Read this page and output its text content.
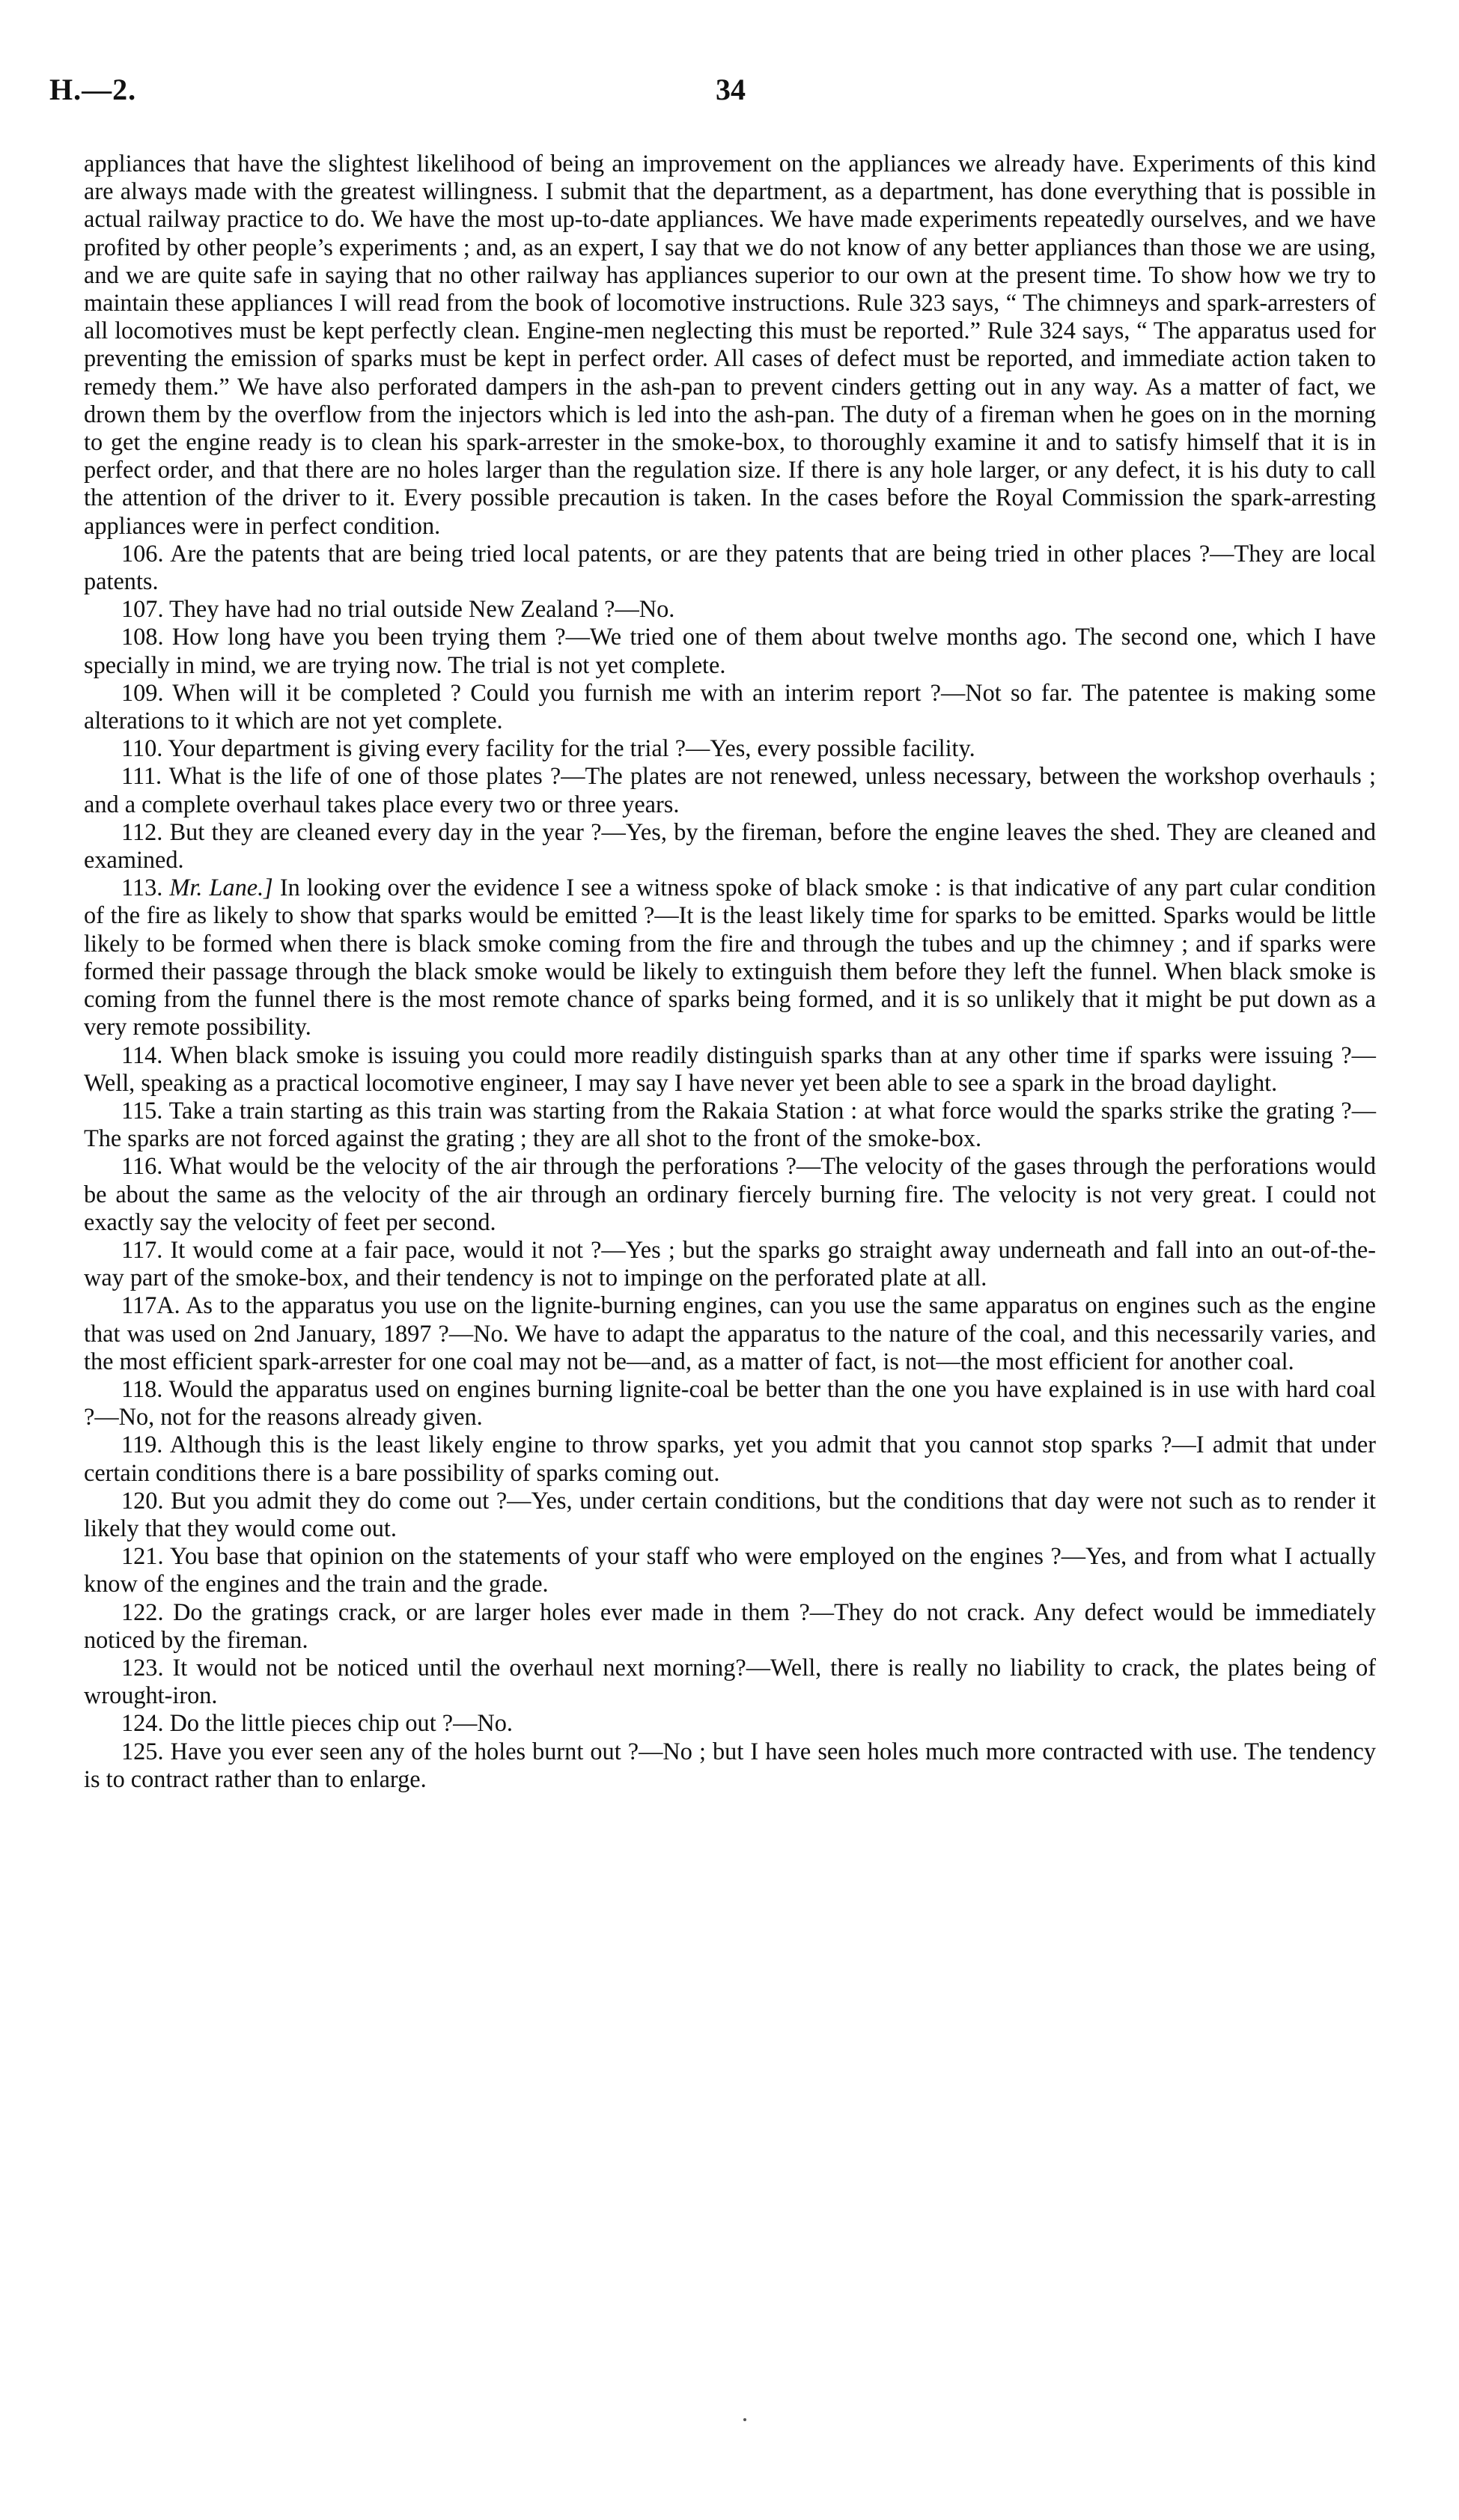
H.—2.	34

appliances that have the slightest likelihood of being an improvement on the appliances we already have. Experiments of this kind are always made with the greatest willingness. I submit that the department, as a department, has done everything that is possible in actual railway practice to do. We have the most up-to-date appliances. We have made experiments repeatedly ourselves, and we have profited by other people’s experiments ; and, as an expert, I say that we do not know of any better appliances than those we are using, and we are quite safe in saying that no other railway has appliances superior to our own at the present time. To show how we try to maintain these appliances I will read from the book of locomotive instructions. Rule 323 says, “ The chimneys and spark-arresters of all locomotives must be kept perfectly clean. Engine-men neglecting this must be reported.” Rule 324 says, “ The apparatus used for preventing the emission of sparks must be kept in perfect order. All cases of defect must be reported, and immediate action taken to remedy them.” We have also perforated dampers in the ash-pan to prevent cinders getting out in any way. As a matter of fact, we drown them by the overflow from the injectors which is led into the ash-pan. The duty of a fireman when he goes on in the morning to get the engine ready is to clean his spark-arrester in the smoke-box, to thoroughly examine it and to satisfy himself that it is in perfect order, and that there are no holes larger than the regulation size. If there is any hole larger, or any defect, it is his duty to call the attention of the driver to it. Every possible precaution is taken. In the cases before the Royal Commission the spark-arresting appliances were in perfect condition.

106. Are the patents that are being tried local patents, or are they patents that are being tried in other places ?—They are local patents.

107. They have had no trial outside New Zealand ?—No.

108. How long have you been trying them ?—We tried one of them about twelve months ago. The second one, which I have specially in mind, we are trying now. The trial is not yet complete.

109. When will it be completed ? Could you furnish me with an interim report ?—Not so far. The patentee is making some alterations to it which are not yet complete.

110. Your department is giving every facility for the trial ?—Yes, every possible facility.

111. What is the life of one of those plates ?—The plates are not renewed, unless necessary, between the workshop overhauls ; and a complete overhaul takes place every two or three years.

112. But they are cleaned every day in the year ?—Yes, by the fireman, before the engine leaves the shed. They are cleaned and examined.

113. Mr. Lane.] In looking over the evidence I see a witness spoke of black smoke : is that indicative of any part cular condition of the fire as likely to show that sparks would be emitted ?—It is the least likely time for sparks to be emitted. Sparks would be little likely to be formed when there is black smoke coming from the fire and through the tubes and up the chimney ; and if sparks were formed their passage through the black smoke would be likely to extinguish them before they left the funnel. When black smoke is coming from the funnel there is the most remote chance of sparks being formed, and it is so unlikely that it might be put down as a very remote possibility.

114. When black smoke is issuing you could more readily distinguish sparks than at any other time if sparks were issuing ?—Well, speaking as a practical locomotive engineer, I may say I have never yet been able to see a spark in the broad daylight.

115. Take a train starting as this train was starting from the Rakaia Station : at what force would the sparks strike the grating ?—The sparks are not forced against the grating ; they are all shot to the front of the smoke-box.

116. What would be the velocity of the air through the perforations ?—The velocity of the gases through the perforations would be about the same as the velocity of the air through an ordinary fiercely burning fire. The velocity is not very great. I could not exactly say the velocity of feet per second.

117. It would come at a fair pace, would it not ?—Yes ; but the sparks go straight away underneath and fall into an out-of-the-way part of the smoke-box, and their tendency is not to impinge on the perforated plate at all.

117A. As to the apparatus you use on the lignite-burning engines, can you use the same apparatus on engines such as the engine that was used on 2nd January, 1897 ?—No. We have to adapt the apparatus to the nature of the coal, and this necessarily varies, and the most efficient spark-arrester for one coal may not be—and, as a matter of fact, is not—the most efficient for another coal.

118. Would the apparatus used on engines burning lignite-coal be better than the one you have explained is in use with hard coal ?—No, not for the reasons already given.

119. Although this is the least likely engine to throw sparks, yet you admit that you cannot stop sparks ?—I admit that under certain conditions there is a bare possibility of sparks coming out.

120. But you admit they do come out ?—Yes, under certain conditions, but the conditions that day were not such as to render it likely that they would come out.

121. You base that opinion on the statements of your staff who were employed on the engines ?—Yes, and from what I actually know of the engines and the train and the grade.

122. Do the gratings crack, or are larger holes ever made in them ?—They do not crack. Any defect would be immediately noticed by the fireman.

123. It would not be noticed until the overhaul next morning?—Well, there is really no liability to crack, the plates being of wrought-iron.

124. Do the little pieces chip out ?—No.

125. Have you ever seen any of the holes burnt out ?—No ; but I have seen holes much more contracted with use. The tendency is to contract rather than to enlarge.
